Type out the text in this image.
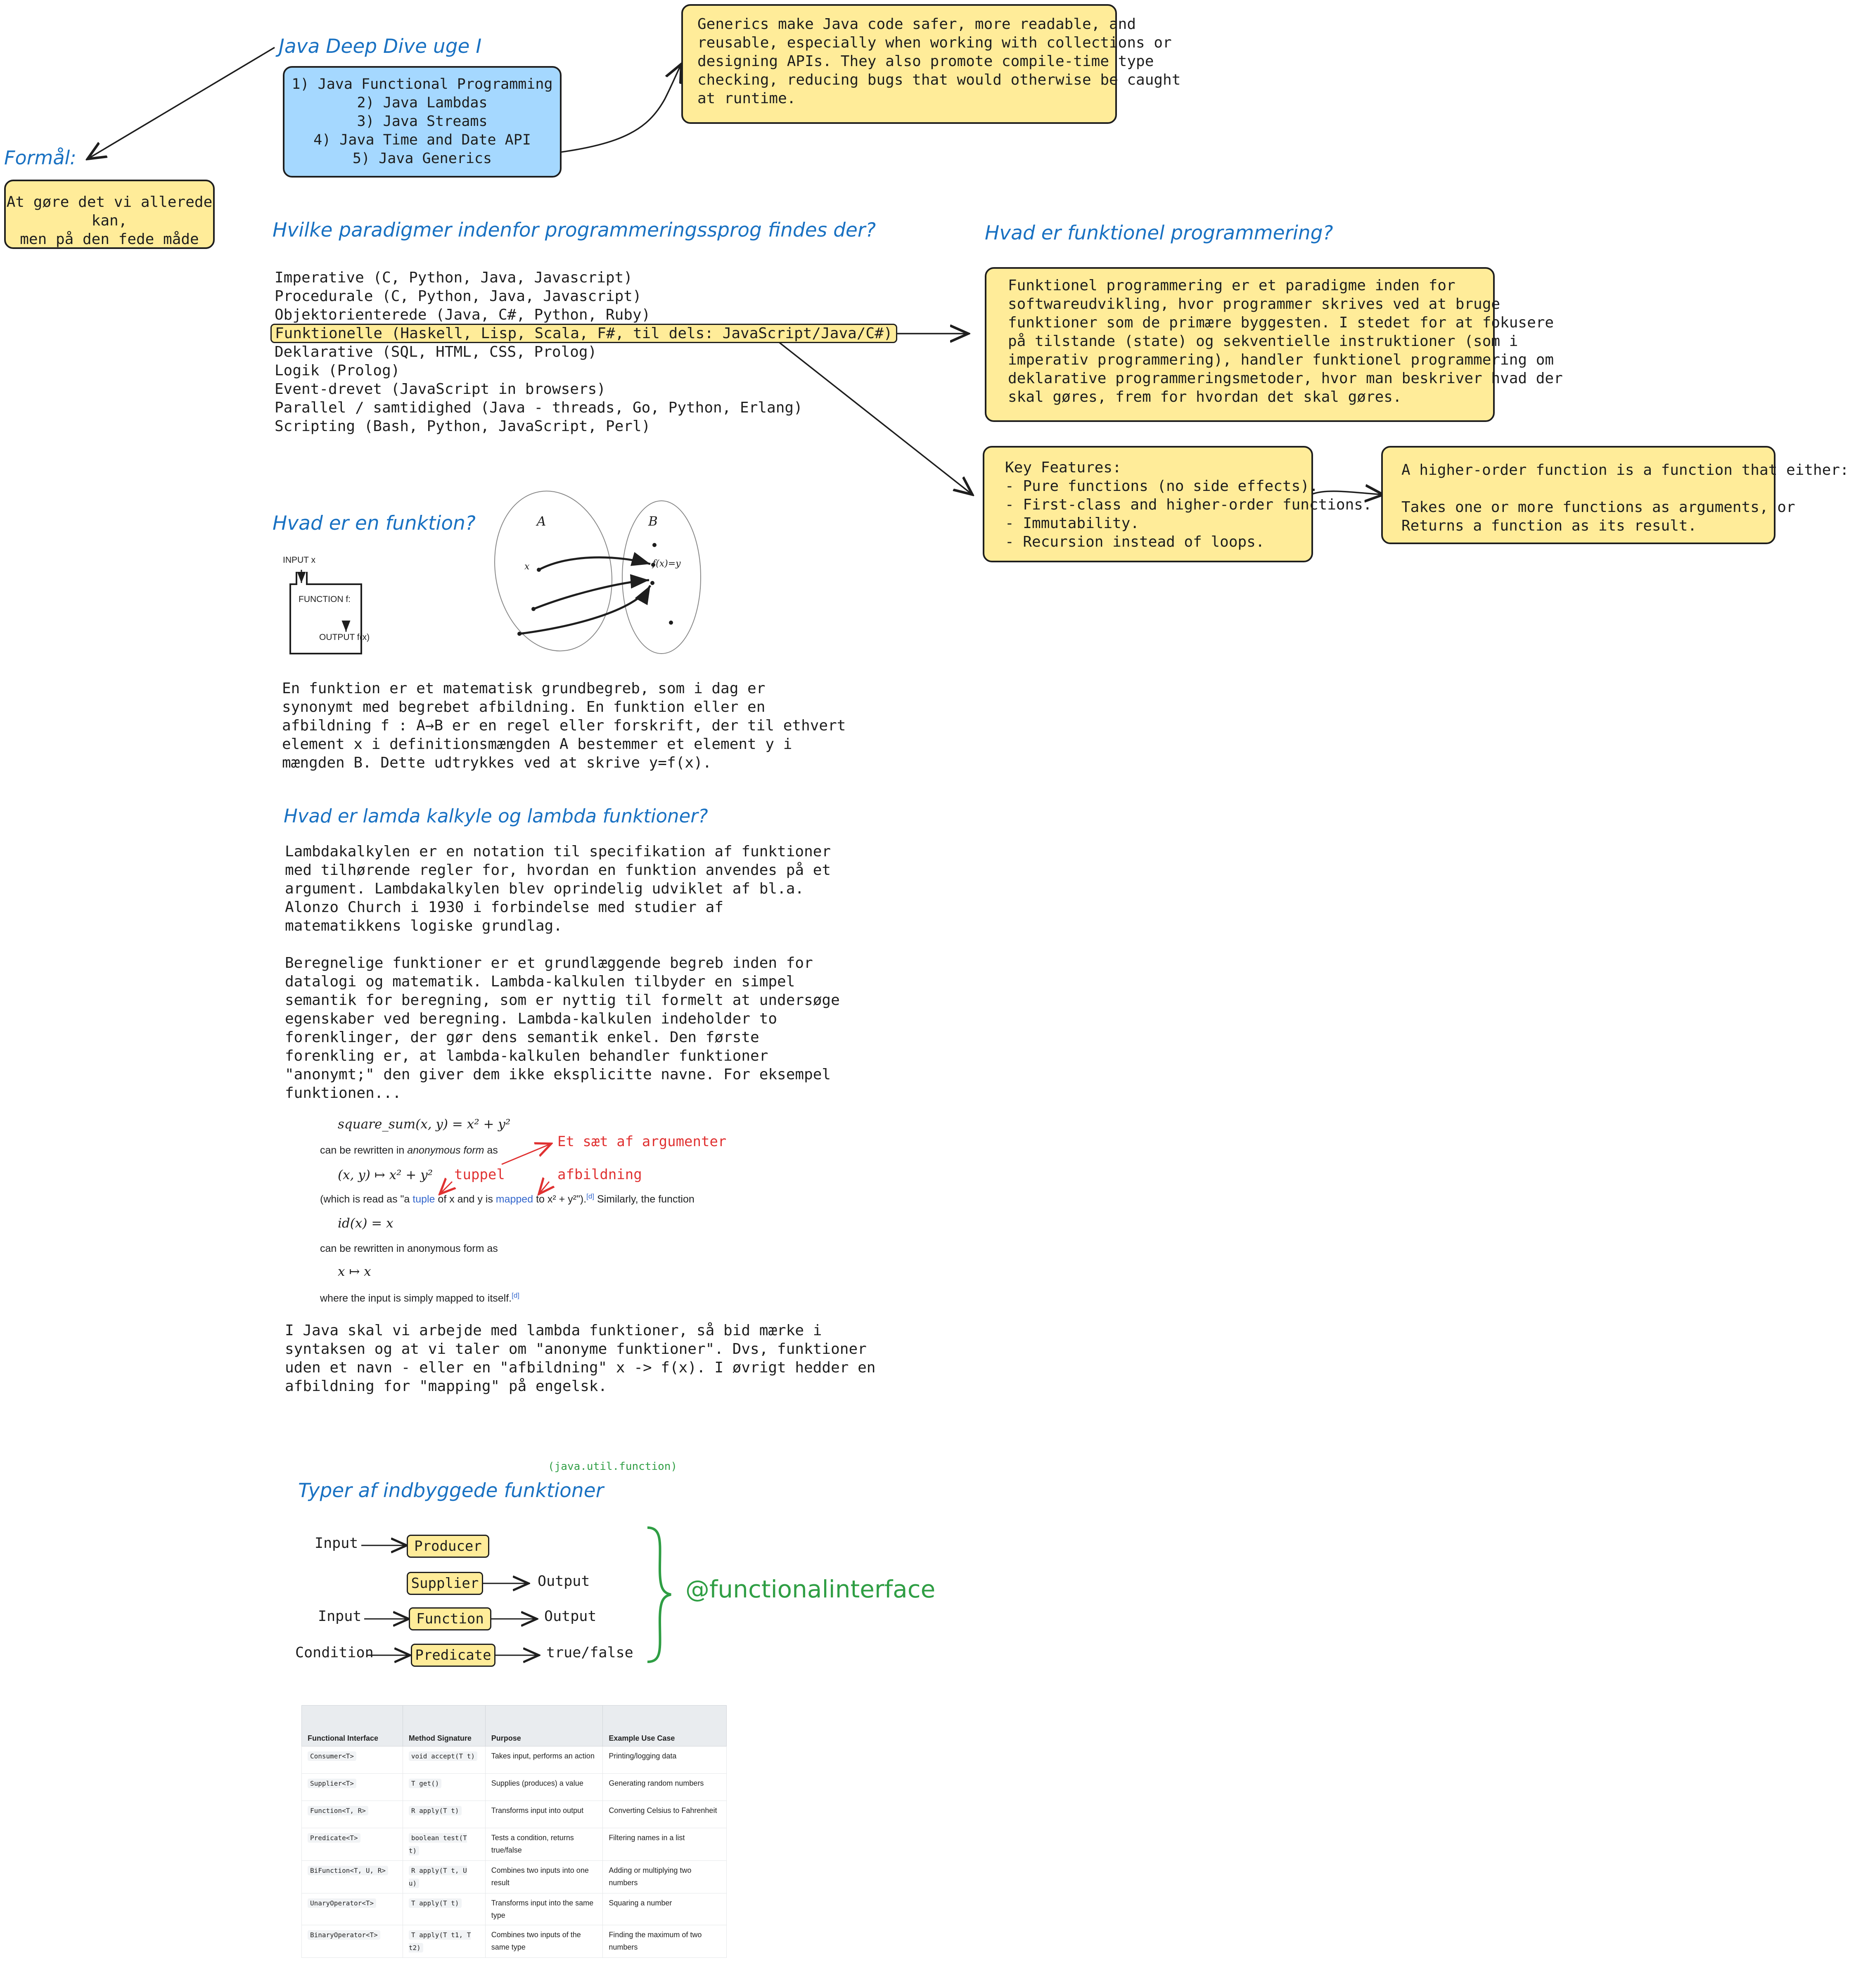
Java Deep Dive uge I
1) Java Functional Programming
2) Java Lambdas
3) Java Streams
4) Java Time and Date API
5) Java Generics
Generics make Java code safer, more readable, and
reusable, especially when working with collections or
designing APIs. They also promote compile-time type
checking, reducing bugs that would otherwise be caught
at runtime.
Formål:
At gøre det vi allerede kan,
men på den fede måde	Hvilke paradigmer indenfor programmeringssprog findes der?
Imperative (C, Python, Java, Javascript)
Procedurale (C, Python, Java, Javascript)
Objektorienterede (Java, C#, Python, Ruby)
Funktionelle (Haskell, Lisp, Scala, F#, til dels: JavaScript/Java/C#)
Deklarative (SQL, HTML, CSS, Prolog)
Logik (Prolog)
Event-drevet (JavaScript in browsers)
Parallel / samtidighed (Java - threads, Go, Python, Erlang)
Scripting (Bash, Python, JavaScript, Perl)
Hvad er funktionel programmering?
Funktionel programmering er et paradigme inden for
softwareudvikling, hvor programmer skrives ved at bruge
funktioner som de primære byggesten. I stedet for at fokusere
på tilstande (state) og sekventielle instruktioner (som i
imperativ programmering), handler funktionel programmering om
deklarative programmeringsmetoder, hvor man beskriver hvad der
skal gøres, frem for hvordan det skal gøres.
Key Features:
- Pure functions (no side effects).
- First-class and higher-order functions.
- Immutability.
- Recursion instead of loops.
A higher-order function is a function that either:
Takes one or more functions as arguments, or
Returns a function as its result.
Hvad er en funktion?
INPUT x
FUNCTION f:
OUTPUT f(x)
A	B
x	f(x)=y
En funktion er et matematisk grundbegreb, som i dag er
synonymt med begrebet afbildning. En funktion eller en
afbildning f : A→B er en regel eller forskrift, der til ethvert
element x i definitionsmængden A bestemmer et element y i
mængden B. Dette udtrykkes ved at skrive y=f(x).
Hvad er lamda kalkyle og lambda funktioner?
Lambdakalkylen er en notation til specifikation af funktioner
med tilhørende regler for, hvordan en funktion anvendes på et
argument. Lambdakalkylen blev oprindelig udviklet af bl.a.
Alonzo Church i 1930 i forbindelse med studier af
matematikkens logiske grundlag.
Beregnelige funktioner er et grundlæggende begreb inden for
datalogi og matematik. Lambda-kalkulen tilbyder en simpel
semantik for beregning, som er nyttig til formelt at undersøge
egenskaber ved beregning. Lambda-kalkulen indeholder to
forenklinger, der gør dens semantik enkel. Den første
forenkling er, at lambda-kalkulen behandler funktioner
"anonymt;" den giver dem ikke eksplicitte navne. For eksempel
funktionen...
square_sum(x, y) = x² + y²
can be rewritten in anonymous form as
(x, y) ↦ x² + y²
(which is read as "a tuple of x and y is mapped to x² + y²").[d] Similarly, the function
id(x) = x
can be rewritten in anonymous form as
x ↦ x
where the input is simply mapped to itself.[d]
Et sæt af argumenter
tuppel	afbildning
I Java skal vi arbejde med lambda funktioner, så bid mærke i
syntaksen og at vi taler om "anonyme funktioner". Dvs, funktioner
uden et navn - eller en "afbildning" x -> f(x). I øvrigt hedder en
afbildning for "mapping" på engelsk.
(java.util.function)
Typer af indbyggede funktioner
Input	Producer
Supplier	Output
Input	Function	Output
Condition	Predicate	true/false
@functionalinterface
Functional Interface	Method Signature	Purpose	Example Use Case
Consumer<T>	void accept(T t)	Takes input, performs an action	Printing/logging data
Supplier<T>	T get()	Supplies (produces) a value	Generating random numbers
Function<T, R>	R apply(T t)	Transforms input into output	Converting Celsius to Fahrenheit
Predicate<T>	boolean test(T t)	Tests a condition, returns true/false	Filtering names in a list
BiFunction<T, U, R>	R apply(T t, U u)	Combines two inputs into one result	Adding or multiplying two numbers
UnaryOperator<T>	T apply(T t)	Transforms input into the same type	Squaring a number
BinaryOperator<T>	T apply(T t1, T t2)	Combines two inputs of the same type	Finding the maximum of two numbers
